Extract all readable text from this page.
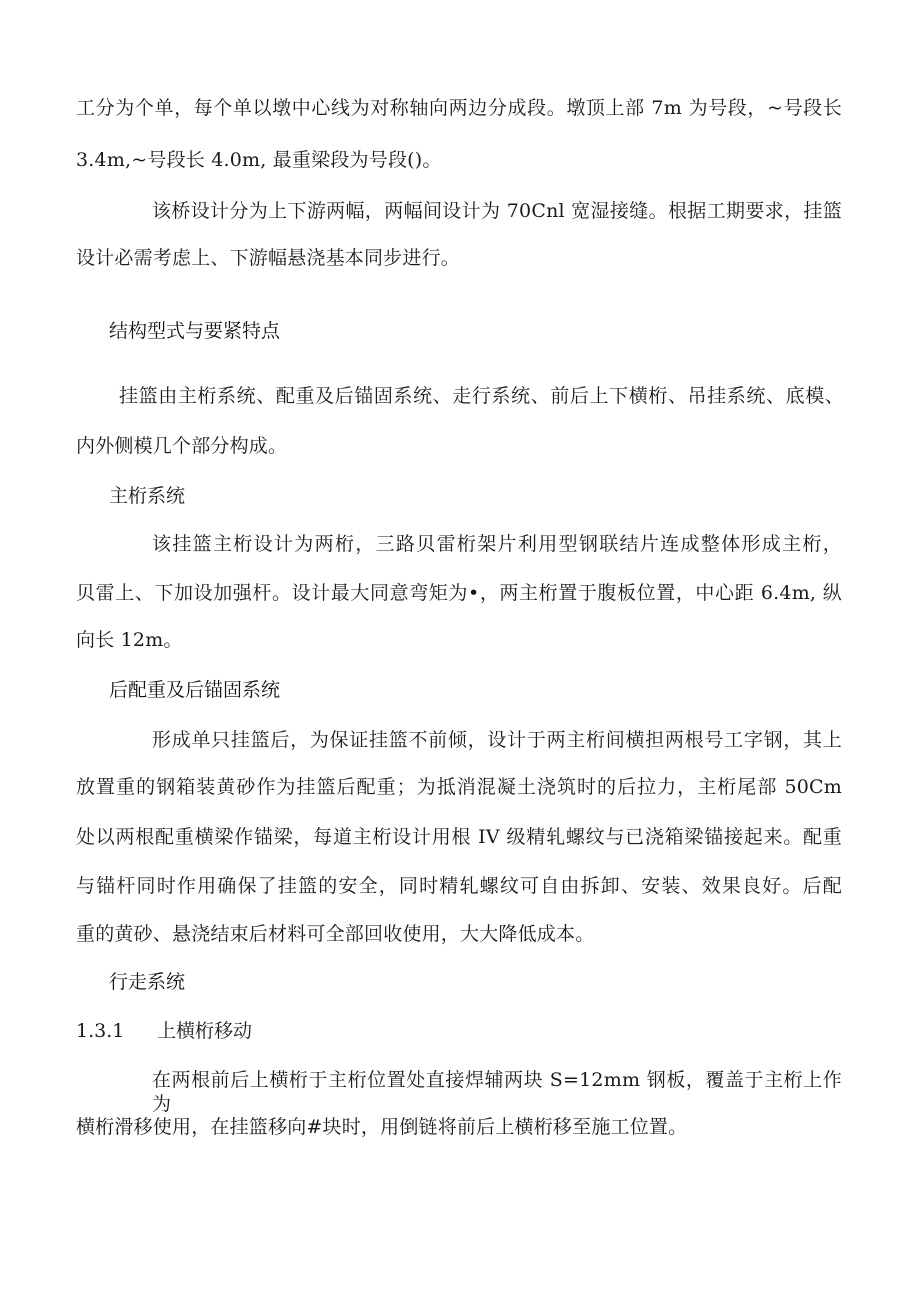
工分为个单，每个单以墩中心线为对称轴向两边分成段。墩顶上部 7m 为号段，~号段长
3.4m,~号段长 4.0m, 最重梁段为号段()。
该桥设计分为上下游两幅，两幅间设计为 70Cnl 宽湿接缝。根据工期要求，挂篮
设计必需考虑上、下游幅悬浇基本同步进行。
结构型式与要紧特点
挂篮由主桁系统、配重及后锚固系统、走行系统、前后上下横桁、吊挂系统、底模、
内外侧模几个部分构成。
主桁系统
该挂篮主桁设计为两桁，三路贝雷桁架片利用型钢联结片连成整体形成主桁，
贝雷上、下加设加强杆。设计最大同意弯矩为•，两主桁置于腹板位置，中心距 6.4m, 纵
向长 12m。
后配重及后锚固系统
形成单只挂篮后，为保证挂篮不前倾，设计于两主桁间横担两根号工字钢，其上
放置重的钢箱装黄砂作为挂篮后配重；为抵消混凝土浇筑时的后拉力，主桁尾部 50Cm
处以两根配重横梁作锚梁，每道主桁设计用根 IV 级精轧螺纹与已浇箱梁锚接起来。配重
与锚杆同时作用确保了挂篮的安全，同时精轧螺纹可自由拆卸、安装、效果良好。后配
重的黄砂、悬浇结束后材料可全部回收使用，大大降低成本。
行走系统
1.3.1 上横桁移动
在两根前后上横桁于主桁位置处直接焊辅两块 S=12mm 钢板，覆盖于主桁上作为
横桁滑移使用，在挂篮移向#块时，用倒链将前后上横桁移至施工位置。
